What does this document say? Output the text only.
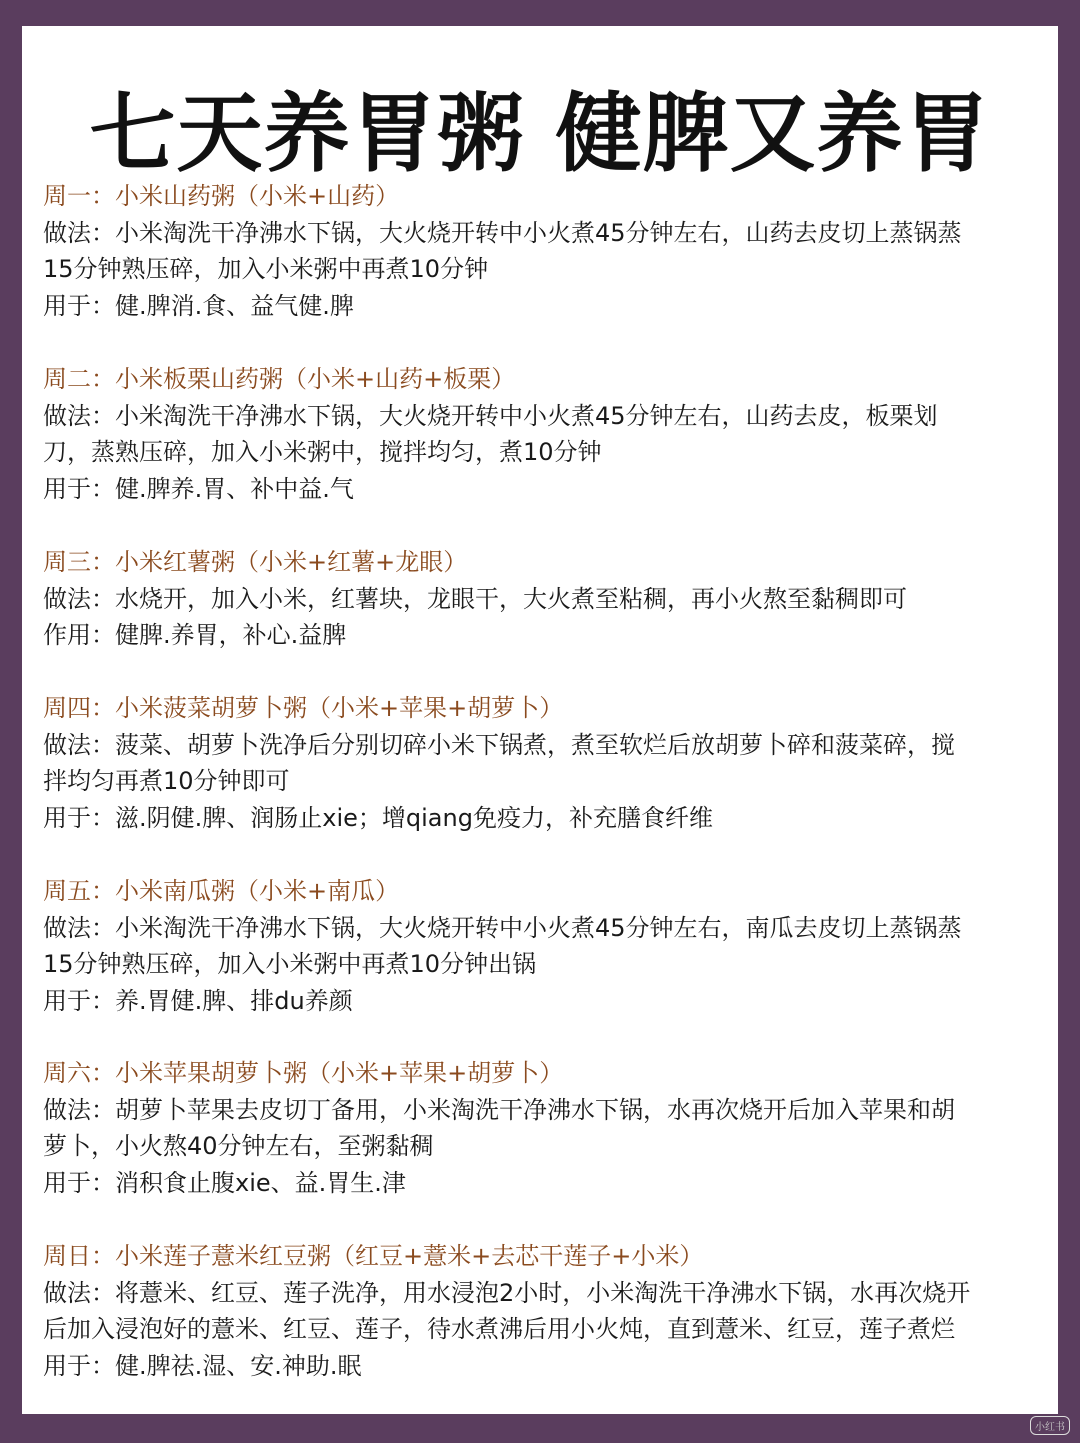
七天养胃粥 健脾又养胃
周一：小米山药粥（小米+山药）
做法：小米淘洗干净沸水下锅，大火烧开转中小火煮45分钟左右，山药去皮切上蒸锅蒸
15分钟熟压碎，加入小米粥中再煮10分钟
用于：健.脾消.食、益气健.脾
周二：小米板栗山药粥（小米+山药+板栗）
做法：小米淘洗干净沸水下锅，大火烧开转中小火煮45分钟左右，山药去皮，板栗划
刀，蒸熟压碎，加入小米粥中，搅拌均匀，煮10分钟
用于：健.脾养.胃、补中益.气
周三：小米红薯粥（小米+红薯+龙眼）
做法：水烧开，加入小米，红薯块，龙眼干，大火煮至粘稠，再小火熬至黏稠即可
作用：健脾.养胃，补心.益脾
周四：小米菠菜胡萝卜粥（小米+苹果+胡萝卜）
做法：菠菜、胡萝卜洗净后分别切碎小米下锅煮，煮至软烂后放胡萝卜碎和菠菜碎，搅
拌均匀再煮10分钟即可
用于：滋.阴健.脾、润肠止xie；增qiang免疫力，补充膳食纤维
周五：小米南瓜粥（小米+南瓜）
做法：小米淘洗干净沸水下锅，大火烧开转中小火煮45分钟左右，南瓜去皮切上蒸锅蒸
15分钟熟压碎，加入小米粥中再煮10分钟出锅
用于：养.胃健.脾、排du养颜
周六：小米苹果胡萝卜粥（小米+苹果+胡萝卜）
做法：胡萝卜苹果去皮切丁备用，小米淘洗干净沸水下锅，水再次烧开后加入苹果和胡
萝卜，小火熬40分钟左右，至粥黏稠
用于：消积食止腹xie、益.胃生.津
周日：小米莲子薏米红豆粥（红豆+薏米+去芯干莲子+小米）
做法：将薏米、红豆、莲子洗净，用水浸泡2小时，小米淘洗干净沸水下锅，水再次烧开
后加入浸泡好的薏米、红豆、莲子，待水煮沸后用小火炖，直到薏米、红豆，莲子煮烂
用于：健.脾祛.湿、安.神助.眠
小红书
